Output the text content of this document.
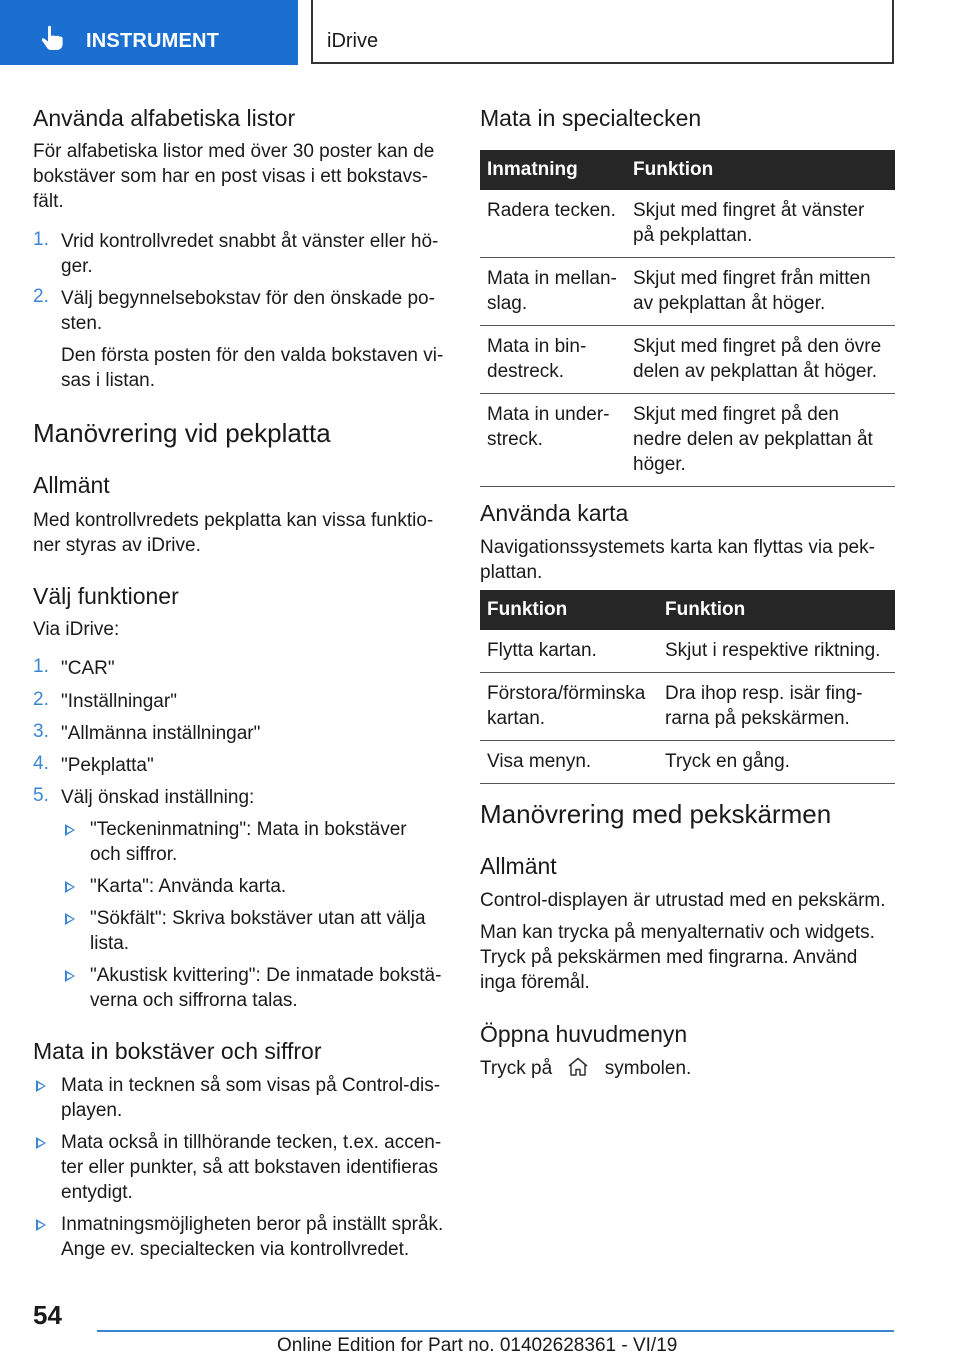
INSTRUMENT	iDrive
Använda alfabetiska listor
För alfabetiska listor med över 30 poster kan de
bokstäver som har en post visas i ett bokstavs-
fält.
1. Vrid kontrollvredet snabbt åt vänster eller hö-
ger.
2. Välj begynnelsebokstav för den önskade po-
sten.
Den första posten för den valda bokstaven vi-
sas i listan.
Manövrering vid pekplatta
Allmänt
Med kontrollvredets pekplatta kan vissa funktio-
ner styras av iDrive.
Välj funktioner
Via iDrive:
1. "CAR"
2. "Inställningar"
3. "Allmänna inställningar"
4. "Pekplatta"
5. Välj önskad inställning:
"Teckeninmatning": Mata in bokstäver
och siffror.
"Karta": Använda karta.
"Sökfält": Skriva bokstäver utan att välja
lista.
"Akustisk kvittering": De inmatade bokstä-
verna och siffrorna talas.
Mata in bokstäver och siffror
Mata in tecknen så som visas på Control-dis-
playen.
Mata också in tillhörande tecken, t.ex. accen-
ter eller punkter, så att bokstaven identifieras
entydigt.
Inmatningsmöjligheten beror på inställt språk.
Ange ev. specialtecken via kontrollvredet.
Mata in specialtecken
Inmatning	Funktion
Radera tecken.	Skjut med fingret åt vänster
på pekplattan.
Mata in mellan-
slag.	Skjut med fingret från mitten
av pekplattan åt höger.
Mata in bin-
destreck.	Skjut med fingret på den övre
delen av pekplattan åt höger.
Mata in under-
streck.	Skjut med fingret på den
nedre delen av pekplattan åt
höger.
Använda karta
Navigationssystemets karta kan flyttas via pek-
plattan.
Funktion	Funktion
Flytta kartan.	Skjut i respektive riktning.
Förstora/förminska
kartan.	Dra ihop resp. isär fing-
rarna på pekskärmen.
Visa menyn.	Tryck en gång.
Manövrering med pekskärmen
Allmänt
Control-displayen är utrustad med en pekskärm.
Man kan trycka på menyalternativ och widgets.
Tryck på pekskärmen med fingrarna. Använd
inga föremål.
Öppna huvudmenyn
Tryck på	symbolen.
54
Online Edition for Part no. 01402628361 - VI/19
